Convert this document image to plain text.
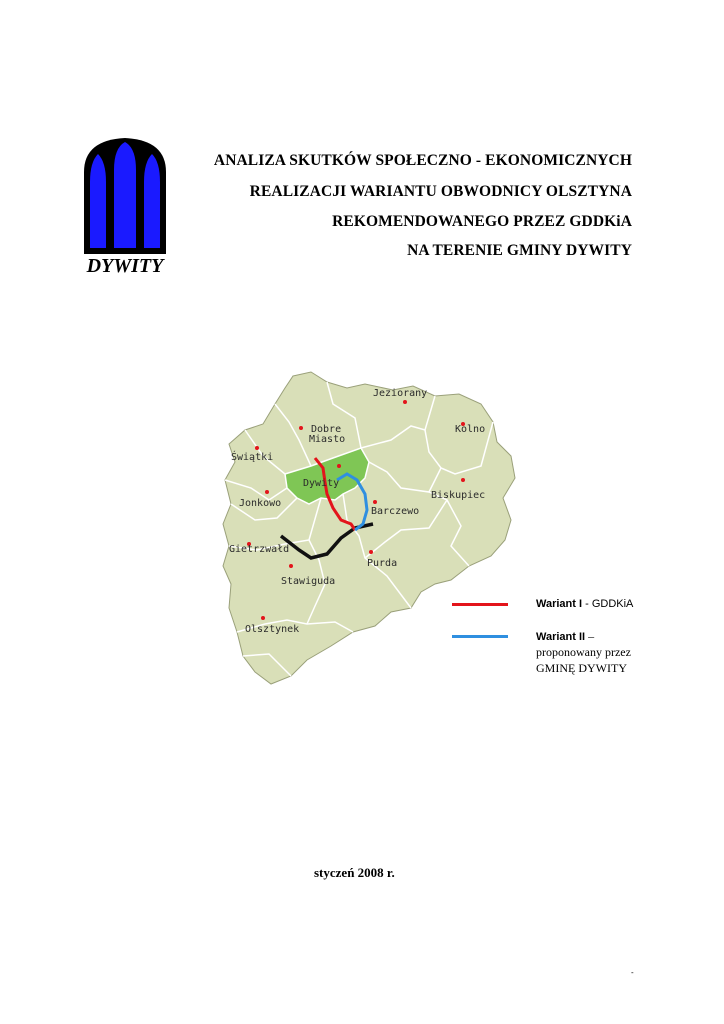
DYWITY
ANALIZA SKUTKÓW SPOŁECZNO - EKONOMICZNYCH
REALIZACJI WARIANTU OBWODNICY OLSZTYNA
REKOMENDOWANEGO PRZEZ GDDKiA
NA TERENIE GMINY DYWITY
Jeziorany
Kolno
Dobre
Miasto
Świątki
Dywity
Biskupiec
Jonkowo
Barczewo
Gietrzwałd
Purda
Stawiguda
Olsztynek
Wariant I - GDDKiA
Wariant II –
proponowany przez
GMINĘ DYWITY
styczeń 2008 r.
-
